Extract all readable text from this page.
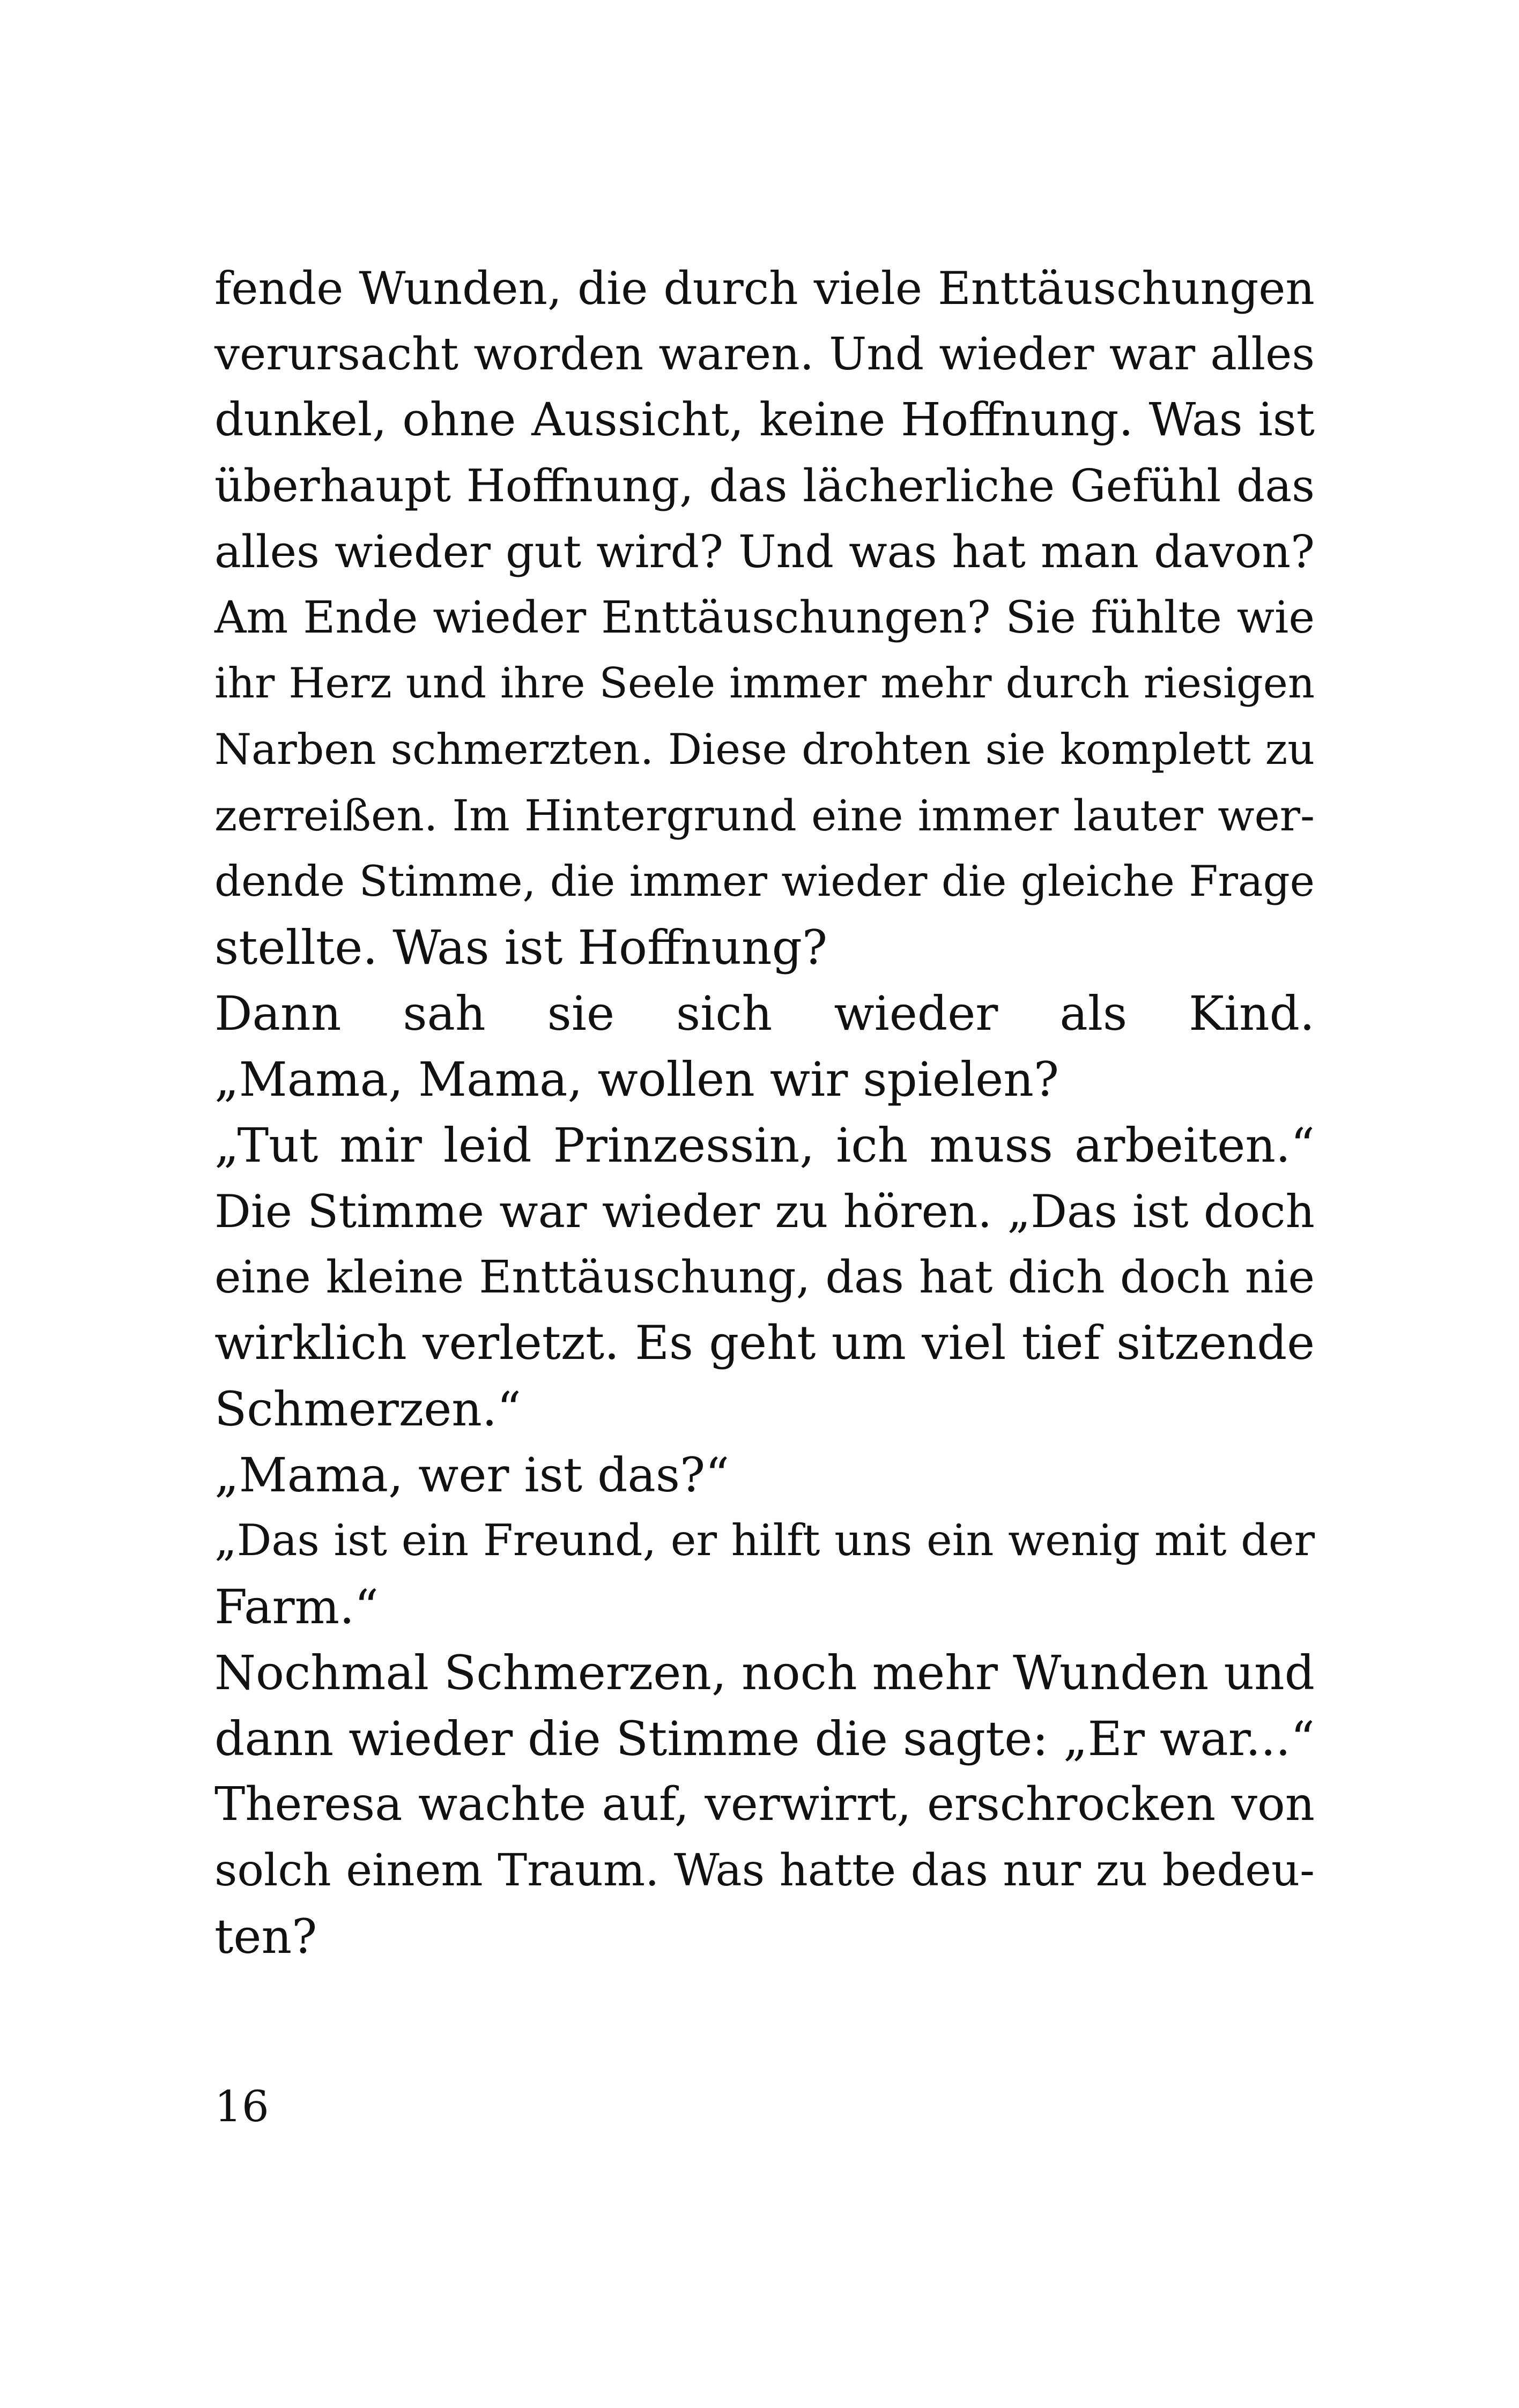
fende Wunden, die durch viele Enttäuschungen
verursacht worden waren. Und wieder war alles
dunkel, ohne Aussicht, keine Hoffnung. Was ist
überhaupt Hoffnung, das lächerliche Gefühl das
alles wieder gut wird? Und was hat man davon?
Am Ende wieder Enttäuschungen? Sie fühlte wie
ihr Herz und ihre Seele immer mehr durch riesigen
Narben schmerzten. Diese drohten sie komplett zu
zerreißen. Im Hintergrund eine immer lauter wer-
dende Stimme, die immer wieder die gleiche Frage
stellte. Was ist Hoffnung?
Dann sah sie sich wieder als Kind.
„Mama, Mama, wollen wir spielen?
„Tut mir leid Prinzessin, ich muss arbeiten.“
Die Stimme war wieder zu hören. „Das ist doch
eine kleine Enttäuschung, das hat dich doch nie
wirklich verletzt. Es geht um viel tief sitzende
Schmerzen.“
„Mama, wer ist das?“
„Das ist ein Freund, er hilft uns ein wenig mit der
Farm.“
Nochmal Schmerzen, noch mehr Wunden und
dann wieder die Stimme die sagte: „Er war...“
Theresa wachte auf, verwirrt, erschrocken von
solch einem Traum. Was hatte das nur zu bedeu-
ten?
16
